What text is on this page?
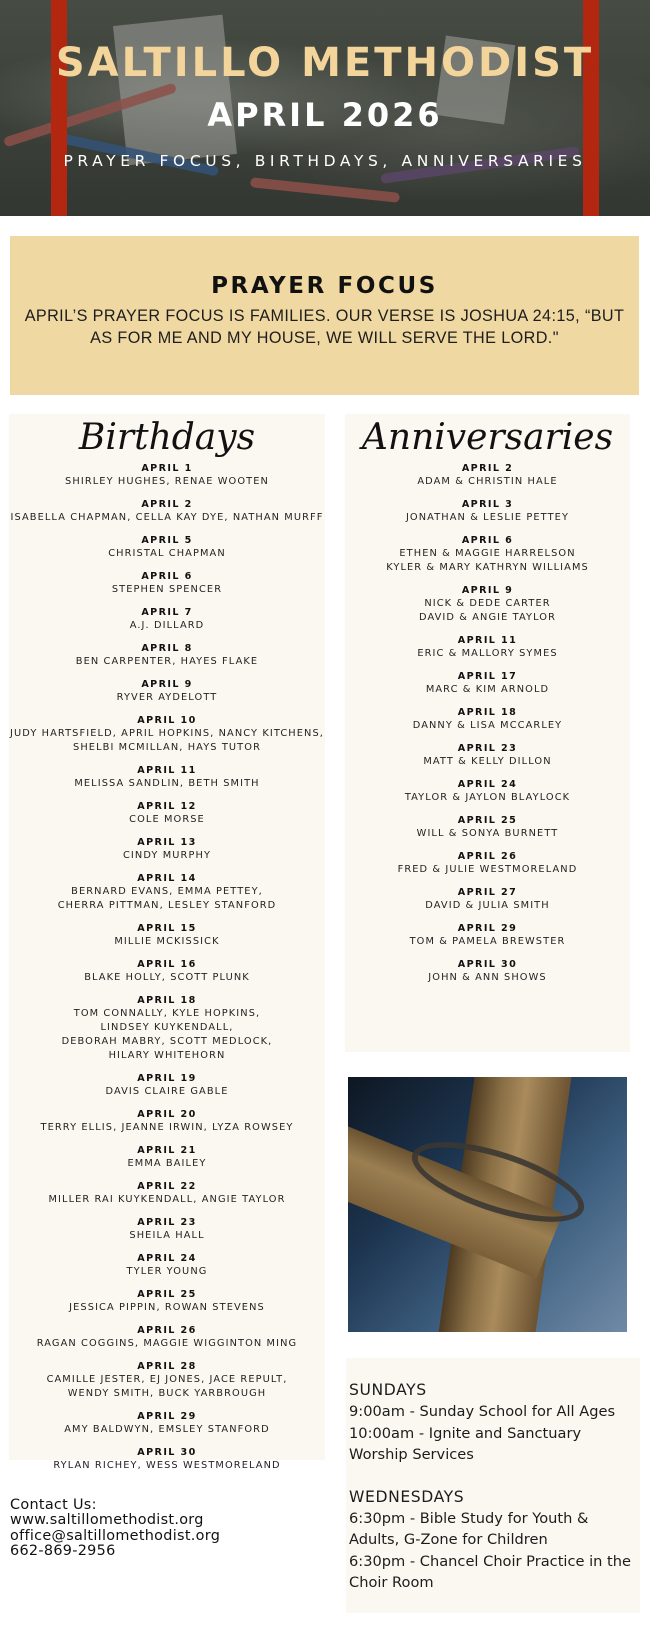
SALTILLO METHODIST
APRIL 2026
PRAYER FOCUS, BIRTHDAYS, ANNIVERSARIES
PRAYER FOCUS
APRIL’S PRAYER FOCUS IS FAMILIES. OUR VERSE IS JOSHUA 24:15, “BUT AS FOR ME AND MY HOUSE, WE WILL SERVE THE LORD."
Birthdays
APRIL 1
SHIRLEY HUGHES, RENAE WOOTEN
APRIL 2
ISABELLA CHAPMAN, CELLA KAY DYE, NATHAN MURFF
APRIL 5
CHRISTAL CHAPMAN
APRIL 6
STEPHEN SPENCER
APRIL 7
A.J. DILLARD
APRIL 8
BEN CARPENTER, HAYES FLAKE
APRIL 9
RYVER AYDELOTT
APRIL 10
JUDY HARTSFIELD, APRIL HOPKINS, NANCY KITCHENS,
SHELBI MCMILLAN, HAYS TUTOR
APRIL 11
MELISSA SANDLIN, BETH SMITH
APRIL 12
COLE MORSE
APRIL 13
CINDY MURPHY
APRIL 14
BERNARD EVANS, EMMA PETTEY,
CHERRA PITTMAN, LESLEY STANFORD
APRIL 15
MILLIE MCKISSICK
APRIL 16
BLAKE HOLLY, SCOTT PLUNK
APRIL 18
TOM CONNALLY, KYLE HOPKINS,
LINDSEY KUYKENDALL,
DEBORAH MABRY, SCOTT MEDLOCK,
HILARY WHITEHORN
APRIL 19
DAVIS CLAIRE GABLE
APRIL 20
TERRY ELLIS, JEANNE IRWIN, LYZA ROWSEY
APRIL 21
EMMA BAILEY
APRIL 22
MILLER RAI KUYKENDALL, ANGIE TAYLOR
APRIL 23
SHEILA HALL
APRIL 24
TYLER YOUNG
APRIL 25
JESSICA PIPPIN, ROWAN STEVENS
APRIL 26
RAGAN COGGINS, MAGGIE WIGGINTON MING
APRIL 28
CAMILLE JESTER, EJ JONES, JACE REPULT,
WENDY SMITH, BUCK YARBROUGH
APRIL 29
AMY BALDWYN, EMSLEY STANFORD
APRIL 30
RYLAN RICHEY, WESS WESTMORELAND
Anniversaries
APRIL 2
ADAM & CHRISTIN HALE
APRIL 3
JONATHAN & LESLIE PETTEY
APRIL 6
ETHEN & MAGGIE HARRELSON
KYLER & MARY KATHRYN WILLIAMS
APRIL 9
NICK & DEDE CARTER
DAVID & ANGIE TAYLOR
APRIL 11
ERIC & MALLORY SYMES
APRIL 17
MARC & KIM ARNOLD
APRIL 18
DANNY & LISA MCCARLEY
APRIL 23
MATT & KELLY DILLON
APRIL 24
TAYLOR & JAYLON BLAYLOCK
APRIL 25
WILL & SONYA BURNETT
APRIL 26
FRED & JULIE WESTMORELAND
APRIL 27
DAVID & JULIA SMITH
APRIL 29
TOM & PAMELA BREWSTER
APRIL 30
JOHN & ANN SHOWS
SUNDAYS
9:00am - Sunday School for All Ages
10:00am - Ignite and Sanctuary
Worship Services
WEDNESDAYS
6:30pm - Bible Study for Youth &
Adults, G-Zone for Children
6:30pm - Chancel Choir Practice in the
Choir Room
Contact Us:
www.saltillomethodist.org
office@saltillomethodist.org
662-869-2956
